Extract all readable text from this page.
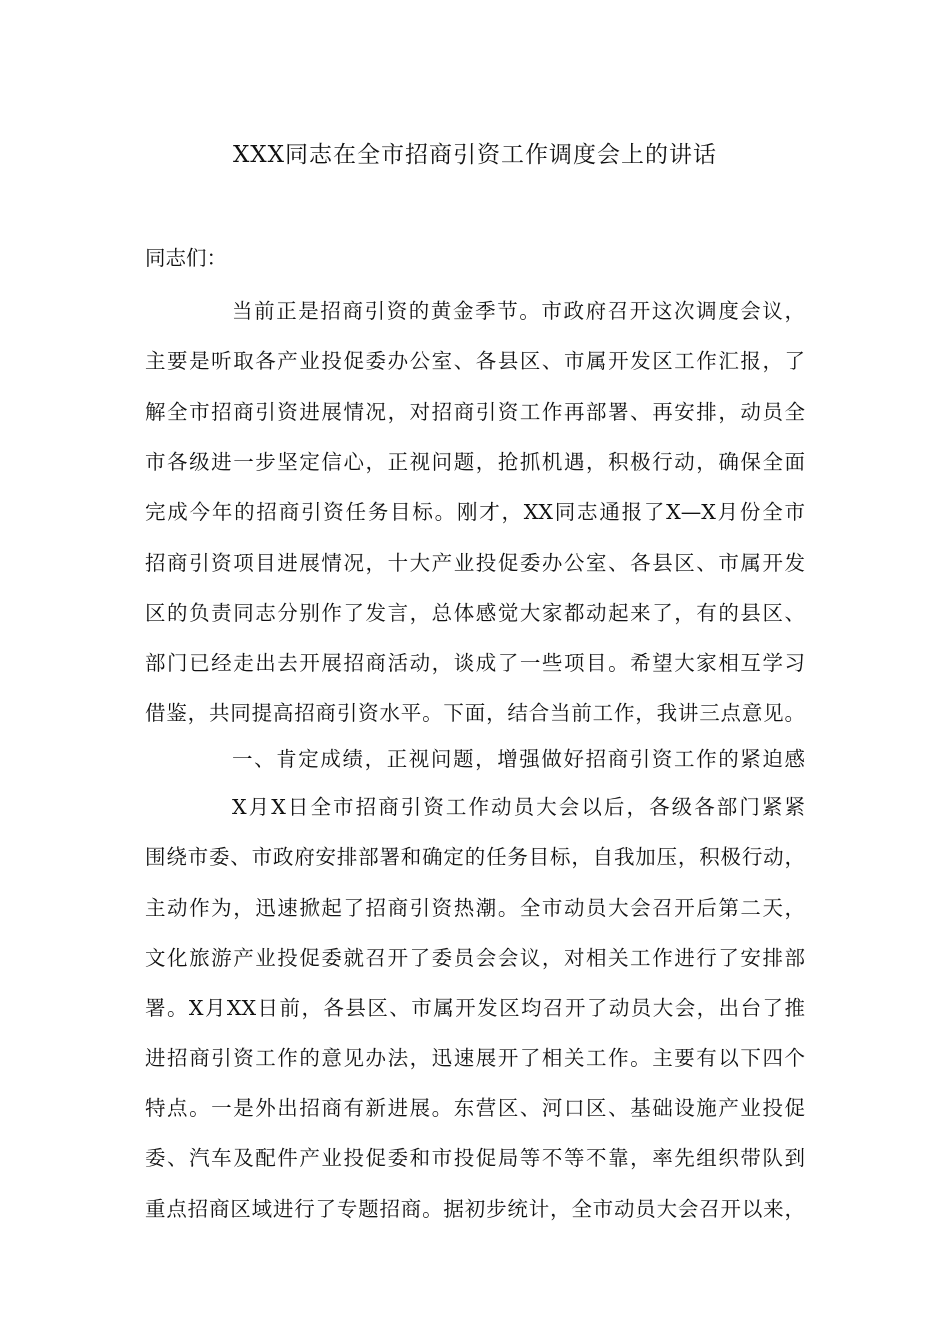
XXX同志在全市招商引资工作调度会上的讲话
同志们：
当前正是招商引资的黄金季节。市政府召开这次调度会议，
主要是听取各产业投促委办公室、各县区、市属开发区工作汇报，了
解全市招商引资进展情况，对招商引资工作再部署、再安排，动员全
市各级进一步坚定信心，正视问题，抢抓机遇，积极行动，确保全面
完成今年的招商引资任务目标。刚才，XX同志通报了X—X月份全市
招商引资项目进展情况，十大产业投促委办公室、各县区、市属开发
区的负责同志分别作了发言，总体感觉大家都动起来了，有的县区、
部门已经走出去开展招商活动，谈成了一些项目。希望大家相互学习
借鉴，共同提高招商引资水平。下面，结合当前工作，我讲三点意见。
一、肯定成绩，正视问题，增强做好招商引资工作的紧迫感
X月X日全市招商引资工作动员大会以后，各级各部门紧紧
围绕市委、市政府安排部署和确定的任务目标，自我加压，积极行动，
主动作为，迅速掀起了招商引资热潮。全市动员大会召开后第二天，
文化旅游产业投促委就召开了委员会会议，对相关工作进行了安排部
署。X月XX日前，各县区、市属开发区均召开了动员大会，出台了推
进招商引资工作的意见办法，迅速展开了相关工作。主要有以下四个
特点。一是外出招商有新进展。东营区、河口区、基础设施产业投促
委、汽车及配件产业投促委和市投促局等不等不靠，率先组织带队到
重点招商区域进行了专题招商。据初步统计，全市动员大会召开以来，
